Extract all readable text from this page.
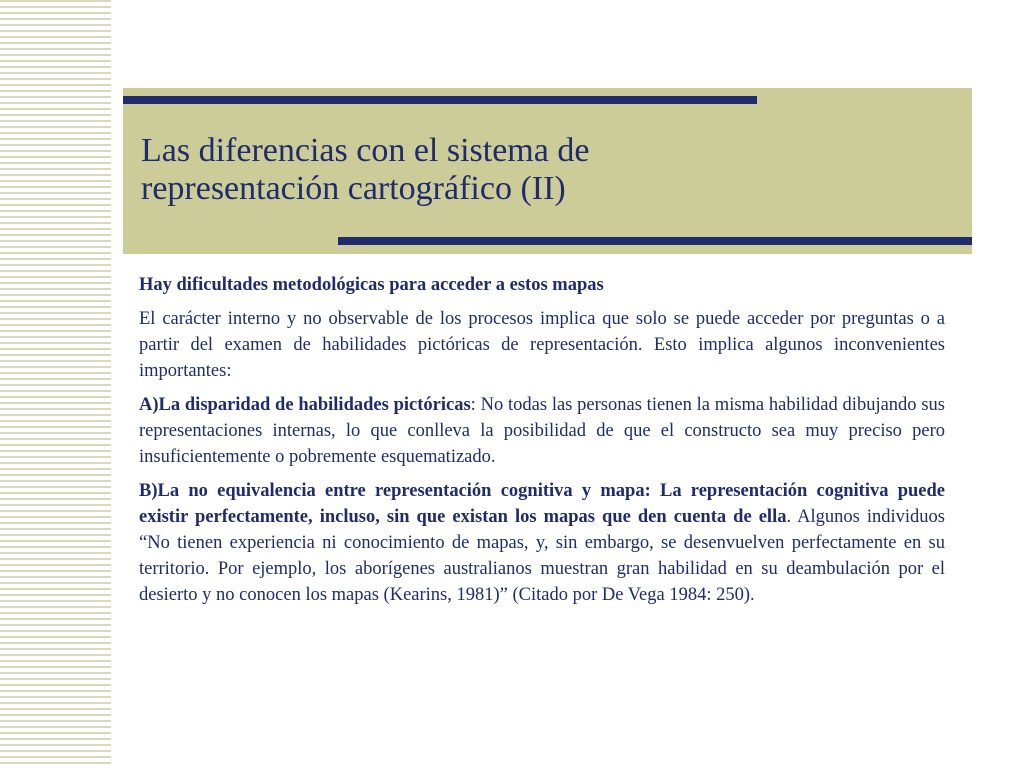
Las diferencias con el sistema de
representación cartográfico (II)

Hay dificultades metodológicas para acceder a estos mapas

El carácter interno y no observable de los procesos implica que solo se puede acceder por preguntas o a partir del examen de habilidades pictóricas de representación. Esto implica algunos inconvenientes importantes:

A)La disparidad de habilidades pictóricas: No todas las personas tienen la misma habilidad dibujando sus representaciones internas, lo que conlleva la posibilidad de que el constructo sea muy preciso pero insuficientemente o pobremente esquematizado.

B)La no equivalencia entre representación cognitiva y mapa: La representación cognitiva puede existir perfectamente, incluso, sin que existan los mapas que den cuenta de ella. Algunos individuos “No tienen experiencia ni conocimiento de mapas, y, sin embargo, se desenvuelven perfectamente en su territorio. Por ejemplo, los aborígenes australianos muestran gran habilidad en su deambulación por el desierto y no conocen los mapas (Kearins, 1981)” (Citado por De Vega 1984: 250).
